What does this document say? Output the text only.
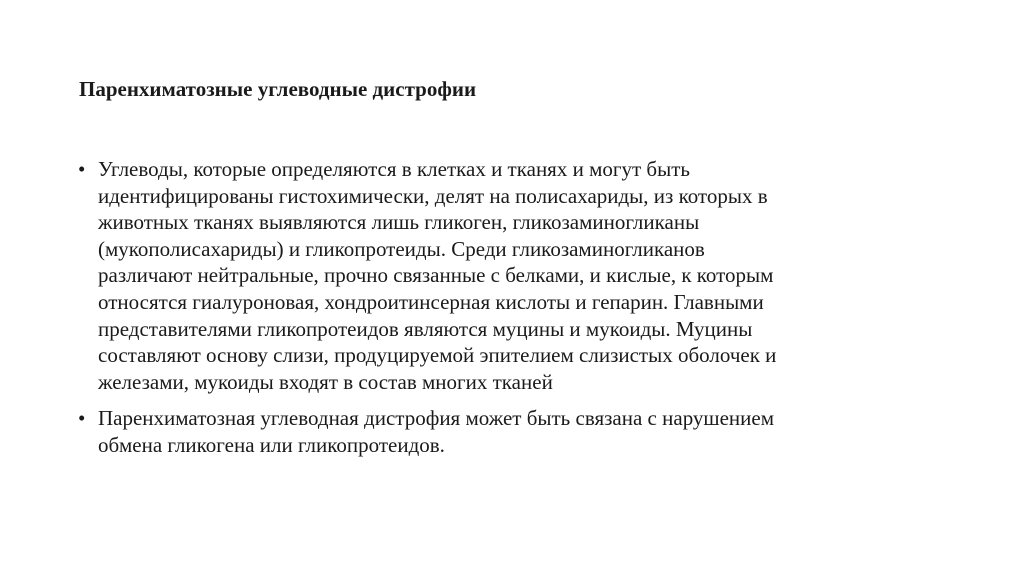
Паренхиматозные углеводные дистрофии
• Углеводы, которые определяются в клетках и тканях и могут быть
идентифицированы гистохимически, делят на полисахариды, из которых в
животных тканях выявляются лишь гликоген, гликозаминогликаны
(мукополисахариды) и гликопротеиды. Среди гликозаминогликанов
различают нейтральные, прочно связанные с белками, и кислые, к которым
относятся гиалуроновая, хондроитинсерная кислоты и гепарин. Главными
представителями гликопротеидов являются муцины и мукоиды. Муцины
составляют основу слизи, продуцируемой эпителием слизистых оболочек и
железами, мукоиды входят в состав многих тканей
• Паренхиматозная углеводная дистрофия может быть связана с нарушением
обмена гликогена или гликопротеидов.
